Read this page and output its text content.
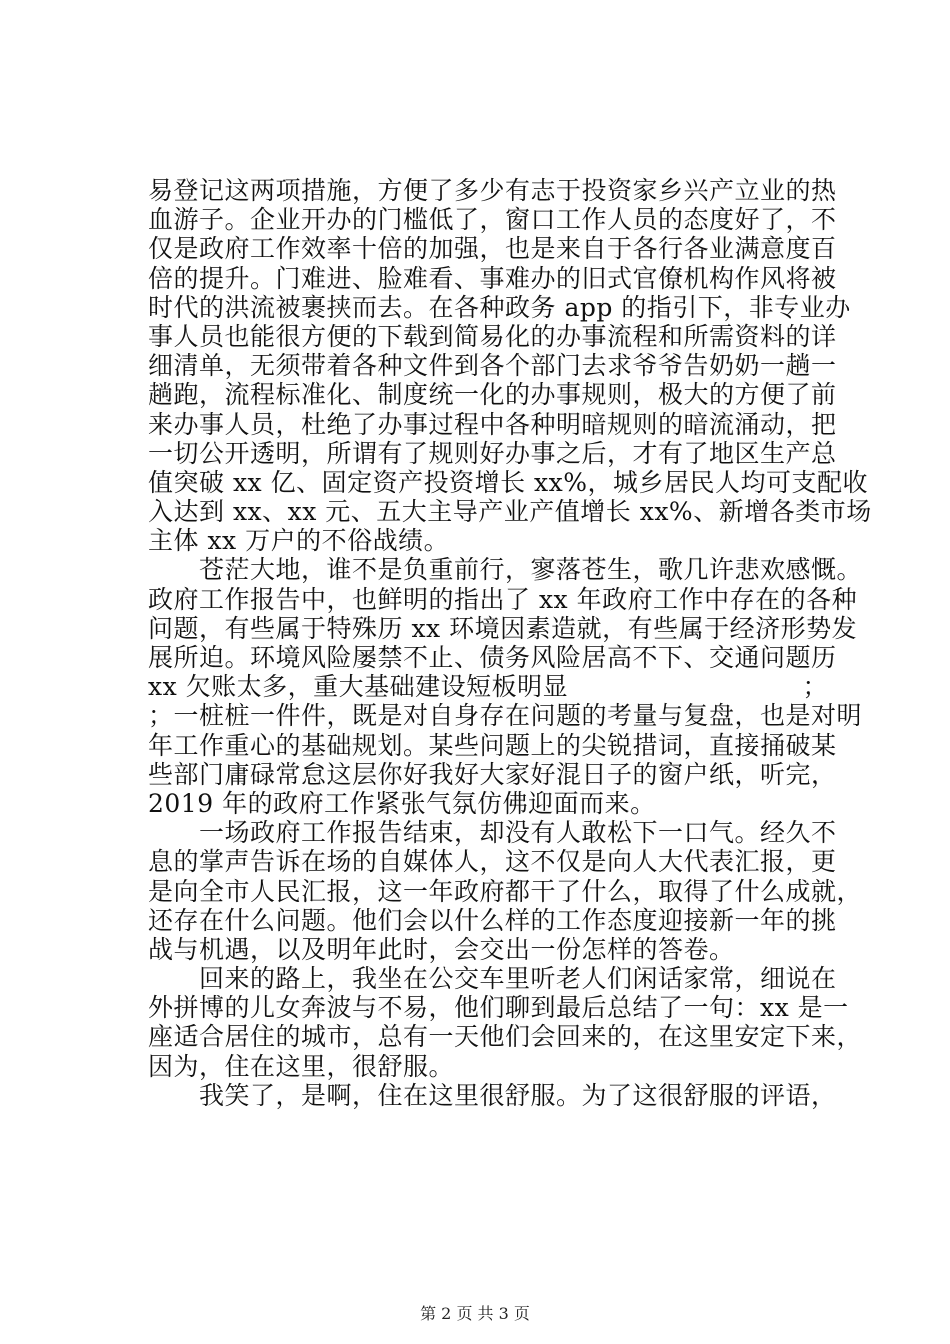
易登记这两项措施，方便了多少有志于投资家乡兴产立业的热
血游子。企业开办的门槛低了，窗口工作人员的态度好了，不
仅是政府工作效率十倍的加强，也是来自于各行各业满意度百
倍的提升。门难进、脸难看、事难办的旧式官僚机构作风将被
时代的洪流被裹挟而去。在各种政务 app 的指引下，非专业办
事人员也能很方便的下载到简易化的办事流程和所需资料的详
细清单，无须带着各种文件到各个部门去求爷爷告奶奶一趟一
趟跑，流程标准化、制度统一化的办事规则，极大的方便了前
来办事人员，杜绝了办事过程中各种明暗规则的暗流涌动，把
一切公开透明，所谓有了规则好办事之后，才有了地区生产总
值突破 xx 亿、固定资产投资增长 xx%，城乡居民人均可支配收
入达到 xx、xx 元、五大主导产业产值增长 xx%、新增各类市场
主体 xx 万户的不俗战绩。
　　苍茫大地，谁不是负重前行，寥落苍生，歌几许悲欢感慨。
政府工作报告中，也鲜明的指出了 xx 年政府工作中存在的各种
问题，有些属于特殊历 xx 环境因素造就，有些属于经济形势发
展所迫。环境风险屡禁不止、债务风险居高不下、交通问题历
xx 欠账太多，重大基础建设短板明显	；
；一桩桩一件件，既是对自身存在问题的考量与复盘，也是对明
年工作重心的基础规划。某些问题上的尖锐措词，直接捅破某
些部门庸碌常怠这层你好我好大家好混日子的窗户纸，听完，
2019 年的政府工作紧张气氛仿佛迎面而来。
　　一场政府工作报告结束，却没有人敢松下一口气。经久不
息的掌声告诉在场的自媒体人，这不仅是向人大代表汇报，更
是向全市人民汇报，这一年政府都干了什么，取得了什么成就，
还存在什么问题。他们会以什么样的工作态度迎接新一年的挑
战与机遇，以及明年此时，会交出一份怎样的答卷。
　　回来的路上，我坐在公交车里听老人们闲话家常，细说在
外拼博的儿女奔波与不易，他们聊到最后总结了一句：xx 是一
座适合居住的城市，总有一天他们会回来的，在这里安定下来，
因为，住在这里，很舒服。
　　我笑了，是啊，住在这里很舒服。为了这很舒服的评语，
第 2 页 共 3 页
